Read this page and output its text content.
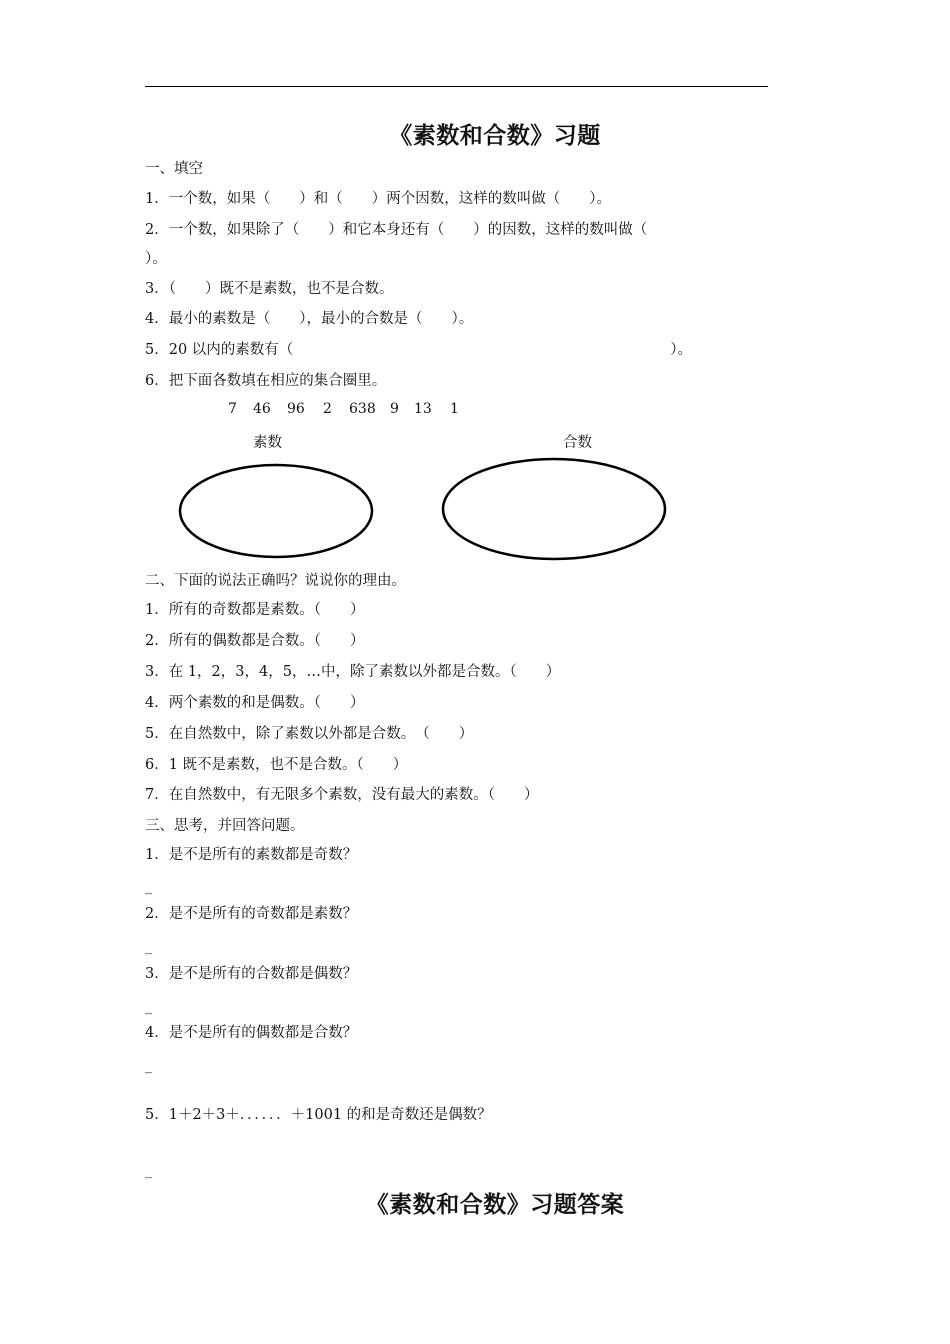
《素数和合数》习题
一、填空
1．一个数，如果（　　）和（　　）两个因数，这样的数叫做（　　）。
2．一个数，如果除了（　　）和它本身还有（　　）的因数，这样的数叫做（
）。
3．（　　）既不是素数，也不是合数。
4．最小的素数是（　　），最小的合数是（　　）。
5．20 以内的素数有（　　　　　　　　　　　　　　　　　　　　　　　　　　）。
6．把下面各数填在相应的集合圈里。
7 46 96 2 638 9 13 1
素数	合数
二、下面的说法正确吗？说说你的理由。
1．所有的奇数都是素数。（　　）
2．所有的偶数都是合数。（　　）
3．在 1，2，3，4，5，…中，除了素数以外都是合数。（　　）
4．两个素数的和是偶数。（　　）
5．在自然数中，除了素数以外都是合数。　（　　）
6．1 既不是素数，也不是合数。（　　）
7．在自然数中，有无限多个素数，没有最大的素数。（　　）
三、思考，并回答问题。
1．是不是所有的素数都是奇数？
_
2．是不是所有的奇数都是素数？
_
3．是不是所有的合数都是偶数？
_
4．是不是所有的偶数都是合数？
_
5．1＋2＋3＋．．．．．．＋1001 的和是奇数还是偶数？
_
《素数和合数》习题答案
